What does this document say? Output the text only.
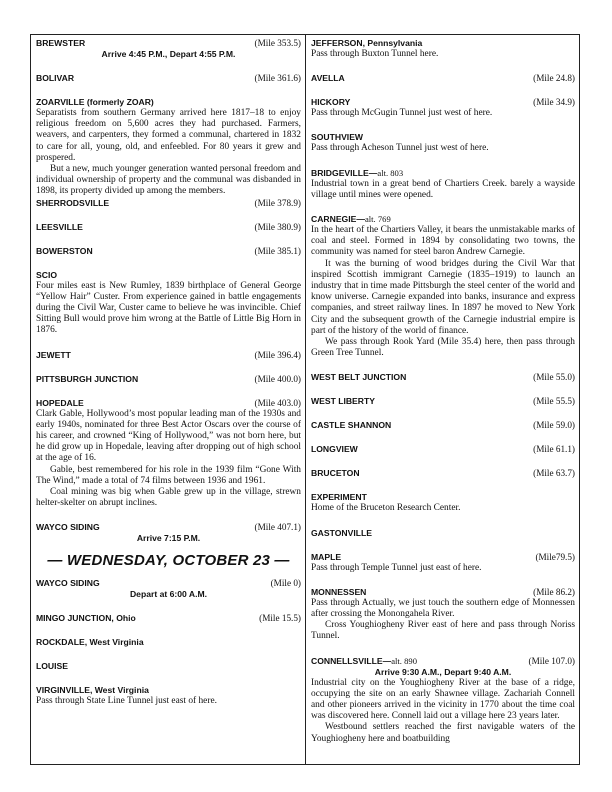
BREWSTER	(Mile 353.5)
Arrive 4:45 P.M., Depart 4:55 P.M.
BOLIVAR	(Mile 361.6)
ZOARVILLE (formerly ZOAR)

Separatists from southern Germany arrived here 1817–18 to enjoy religious freedom on 5,600 acres they had purchased. Farmers, weavers, and carpenters, they formed a communal, chartered in 1832 to care for all, young, old, and enfeebled. For 80 years it grew and prospered.

But a new, much younger generation wanted personal freedom and individual ownership of property and the communal was disbanded in 1898, its property divided up among the members.

SHERRODSVILLE	(Mile 378.9)
LEESVILLE	(Mile 380.9)
BOWERSTON	(Mile 385.1)
SCIO

Four miles east is New Rumley, 1839 birthplace of General George “Yellow Hair” Custer. From experience gained in battle engagements during the Civil War, Custer came to believe he was invincible. Chief Sitting Bull would prove him wrong at the Battle of Little Big Horn in 1876.

JEWETT	(Mile 396.4)
PITTSBURGH JUNCTION	(Mile 400.0)
HOPEDALE	(Mile 403.0)

Clark Gable, Hollywood’s most popular leading man of the 1930s and early 1940s, nominated for three Best Actor Oscars over the course of his career, and crowned “King of Hollywood,” was not born here, but he did grow up in Hopedale, leaving after dropping out of high school at the age of 16.

Gable, best remembered for his role in the 1939 film “Gone With The Wind,” made a total of 74 films between 1936 and 1961.

Coal mining was big when Gable grew up in the village, strewn helter-skelter on abrupt inclines.

WAYCO SIDING	(Mile 407.1)
Arrive 7:15 P.M.

— WEDNESDAY, OCTOBER 23 —

WAYCO SIDING	(Mile 0)
Depart at 6:00 A.M.
MINGO JUNCTION, Ohio	(Mile 15.5)
ROCKDALE, West Virginia
LOUISE
VIRGINVILLE, West Virginia

Pass through State Line Tunnel just east of here.

JEFFERSON, Pennsylvania

Pass through Buxton Tunnel here.

AVELLA	(Mile 24.8)
HICKORY	(Mile 34.9)

Pass through McGugin Tunnel just west of here.

SOUTHVIEW

Pass through Acheson Tunnel just west of here.

BRIDGEVILLE—alt. 803

Industrial town in a great bend of Chartiers Creek. barely a wayside village until mines were opened.

CARNEGIE—alt. 769

In the heart of the Chartiers Valley, it bears the unmistakable marks of coal and steel. Formed in 1894 by consolidating two towns, the community was named for steel baron Andrew Carnegie.

It was the burning of wood bridges during the Civil War that inspired Scottish immigrant Carnegie (1835–1919) to launch an industry that in time made Pittsburgh the steel center of the world and know universe. Carnegie expanded into banks, insurance and express companies, and street railway lines. In 1897 he moved to New York City and the subsequent growth of the Carnegie industrial empire is part of the history of the world of finance.

We pass through Rook Yard (Mile 35.4) here, then pass through Green Tree Tunnel.

WEST BELT JUNCTION	(Mile 55.0)
WEST LIBERTY	(Mile 55.5)
CASTLE SHANNON	(Mile 59.0)
LONGVIEW	(Mile 61.1)
BRUCETON	(Mile 63.7)
EXPERIMENT

Home of the Bruceton Research Center.

GASTONVILLE
MAPLE	(Mile79.5)

Pass through Temple Tunnel just east of here.

MONNESSEN	(Mile 86.2)

Pass through Actually, we just touch the southern edge of Monnessen after crossing the Monongahela River.

Cross Youghiogheny River east of here and pass through Noriss Tunnel.

CONNELLSVILLE—alt. 890	(Mile 107.0)
Arrive 9:30 A.M., Depart 9:40 A.M.

Industrial city on the Youghiogheny River at the base of a ridge, occupying the site on an early Shawnee village. Zachariah Connell and other pioneers arrived in the vicinity in 1770 about the time coal was discovered here. Connell laid out a village here 23 years later.

Westbound settlers reached the first navigable waters of the Youghiogheny here and boatbuilding
